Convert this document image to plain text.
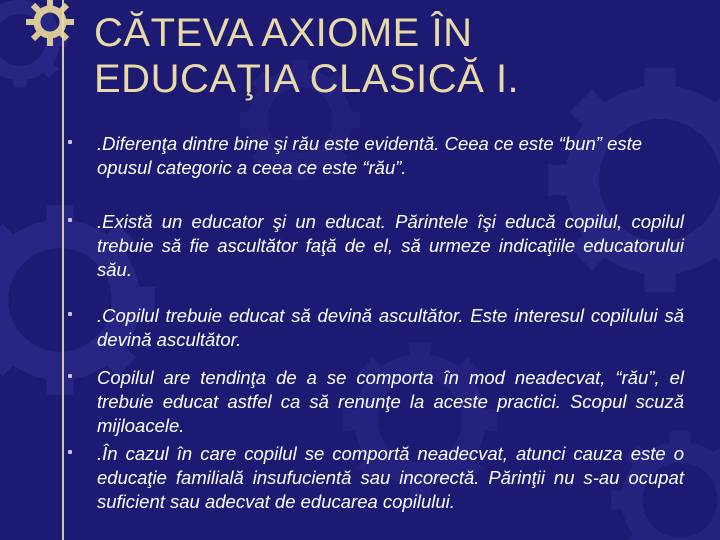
CĂTEVA AXIOME ÎN
EDUCAŢIA CLASICĂ I.
.Diferenţa dintre bine şi rău este evidentă. Ceea ce este “bun” este opusul categoric a ceea ce este “rău”.
.Există un educator şi un educat. Părintele îşi educă copilul, copilul trebuie să fie ascultător faţă de el, să urmeze indicaţiile educatorului său.
.Copilul trebuie educat să devină ascultător. Este interesul copilului să devină ascultător.
Copilul are tendinţa de a se comporta în mod neadecvat, “rău”, el trebuie educat astfel ca să renunţe la aceste practici. Scopul scuză mijloacele.
.În cazul în care copilul se comportă neadecvat, atunci cauza este o educaţie familială insufucientă sau incorectă. Părinţii nu s-au ocupat suficient sau adecvat de educarea copilului.
